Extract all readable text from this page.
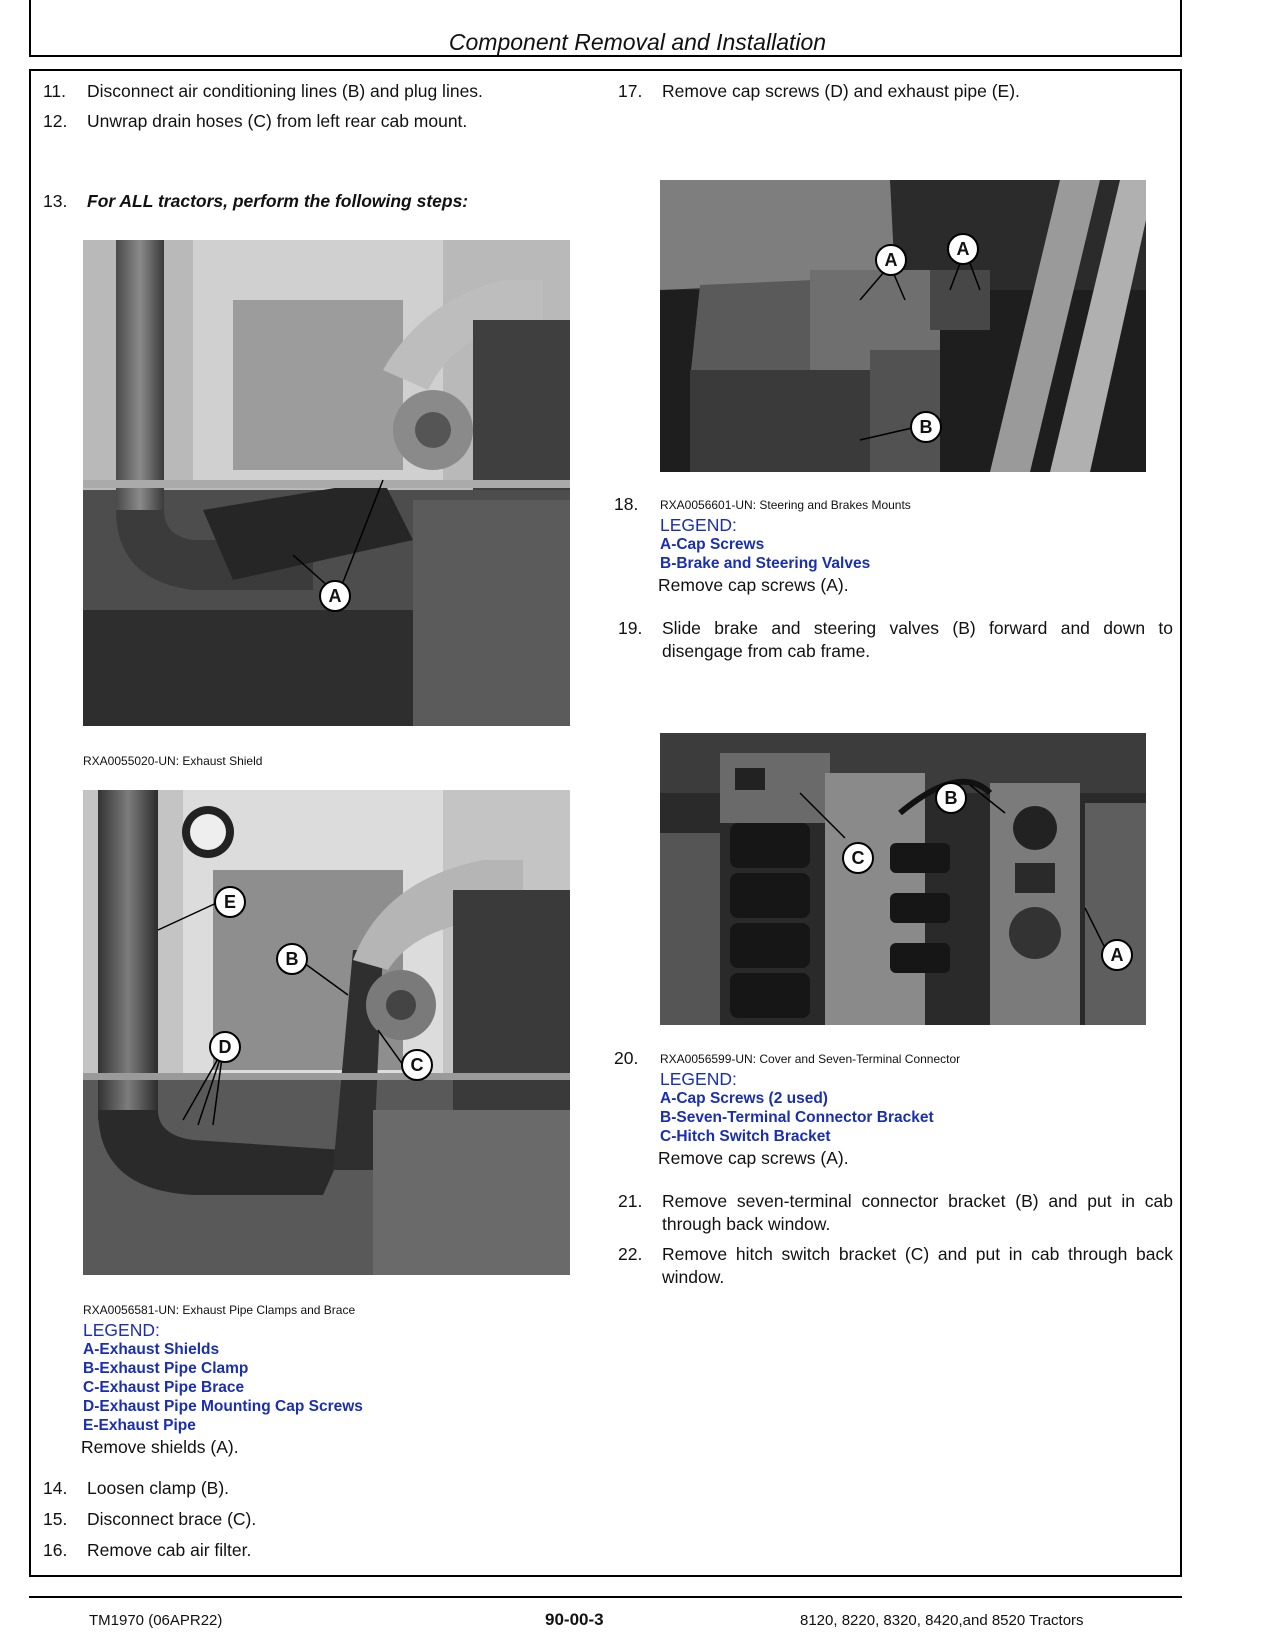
Component Removal and Installation
11.	Disconnect air conditioning lines (B) and plug lines.
12.	Unwrap drain hoses (C) from left rear cab mount.
13.	For ALL tractors, perform the following steps:
A
RXA0055020-UN: Exhaust Shield
E
B
D
C
RXA0056581-UN: Exhaust Pipe Clamps and Brace
LEGEND:
A-Exhaust Shields
B-Exhaust Pipe Clamp
C-Exhaust Pipe Brace
D-Exhaust Pipe Mounting Cap Screws
E-Exhaust Pipe
Remove shields (A).
14.	Loosen clamp (B).
15.	Disconnect brace (C).
16.	Remove cab air filter.
17.	Remove cap screws (D) and exhaust pipe (E).
A
A
B
18.	RXA0056601-UN: Steering and Brakes Mounts
LEGEND:
A-Cap Screws
B-Brake and Steering Valves
Remove cap screws (A).
19.	Slide brake and steering valves (B) forward and down to disengage from cab frame.
B
C
A
20.	RXA0056599-UN: Cover and Seven-Terminal Connector
LEGEND:
A-Cap Screws (2 used)
B-Seven-Terminal Connector Bracket
C-Hitch Switch Bracket
Remove cap screws (A).
21.	Remove seven-terminal connector bracket (B) and put in cab through back window.
22.	Remove hitch switch bracket (C) and put in cab through back window.
TM1970 (06APR22)	90-00-3	8120, 8220, 8320, 8420,and 8520 Tractors
